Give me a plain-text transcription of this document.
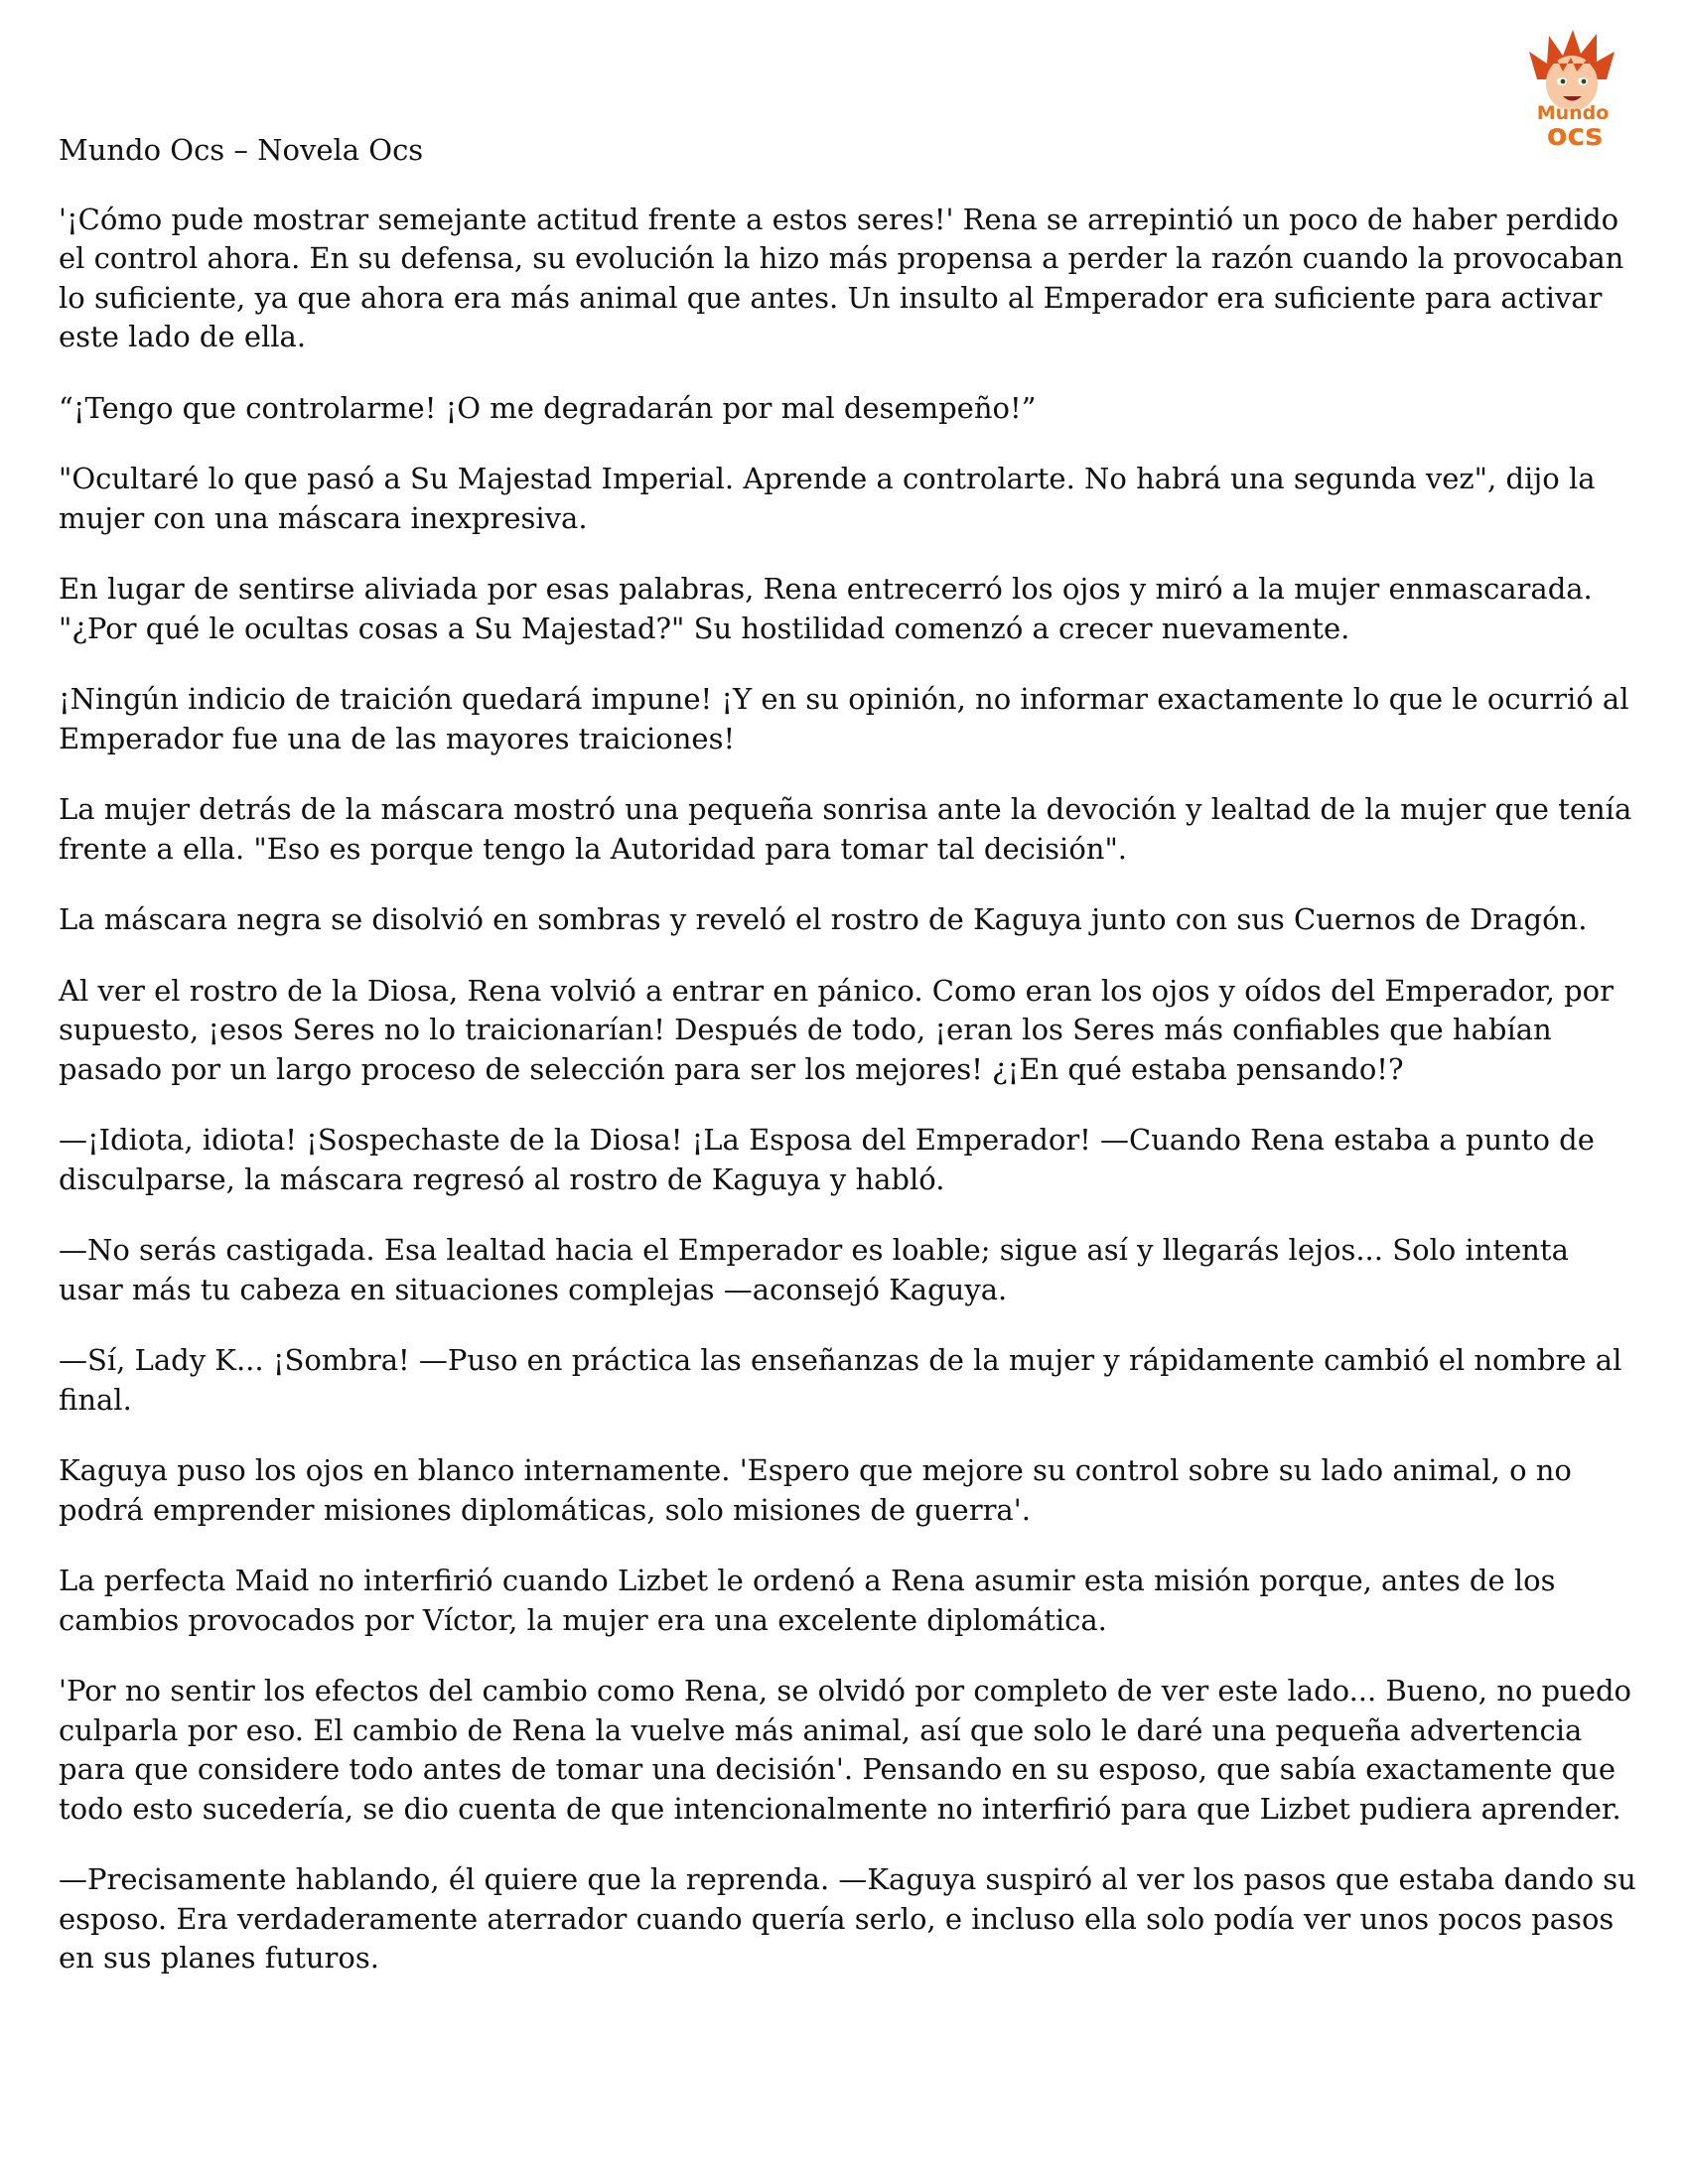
Mundo
ocs
Mundo Ocs – Novela Ocs

'¡Cómo pude mostrar semejante actitud frente a estos seres!' Rena se arrepintió un poco de haber perdido el control ahora. En su defensa, su evolución la hizo más propensa a perder la razón cuando la provocaban lo suficiente, ya que ahora era más animal que antes. Un insulto al Emperador era suficiente para activar este lado de ella.

“¡Tengo que controlarme! ¡O me degradarán por mal desempeño!”

"Ocultaré lo que pasó a Su Majestad Imperial. Aprende a controlarte. No habrá una segunda vez", dijo la mujer con una máscara inexpresiva.

En lugar de sentirse aliviada por esas palabras, Rena entrecerró los ojos y miró a la mujer enmascarada. "¿Por qué le ocultas cosas a Su Majestad?" Su hostilidad comenzó a crecer nuevamente.

¡Ningún indicio de traición quedará impune! ¡Y en su opinión, no informar exactamente lo que le ocurrió al Emperador fue una de las mayores traiciones!

La mujer detrás de la máscara mostró una pequeña sonrisa ante la devoción y lealtad de la mujer que tenía frente a ella. "Eso es porque tengo la Autoridad para tomar tal decisión".

La máscara negra se disolvió en sombras y reveló el rostro de Kaguya junto con sus Cuernos de Dragón.

Al ver el rostro de la Diosa, Rena volvió a entrar en pánico. Como eran los ojos y oídos del Emperador, por supuesto, ¡esos Seres no lo traicionarían! Después de todo, ¡eran los Seres más confiables que habían pasado por un largo proceso de selección para ser los mejores! ¿¡En qué estaba pensando!?

—¡Idiota, idiota! ¡Sospechaste de la Diosa! ¡La Esposa del Emperador! —Cuando Rena estaba a punto de disculparse, la máscara regresó al rostro de Kaguya y habló.

—No serás castigada. Esa lealtad hacia el Emperador es loable; sigue así y llegarás lejos... Solo intenta usar más tu cabeza en situaciones complejas —aconsejó Kaguya.

—Sí, Lady K... ¡Sombra! —Puso en práctica las enseñanzas de la mujer y rápidamente cambió el nombre al final.

Kaguya puso los ojos en blanco internamente. 'Espero que mejore su control sobre su lado animal, o no podrá emprender misiones diplomáticas, solo misiones de guerra'.

La perfecta Maid no interfirió cuando Lizbet le ordenó a Rena asumir esta misión porque, antes de los cambios provocados por Víctor, la mujer era una excelente diplomática.

'Por no sentir los efectos del cambio como Rena, se olvidó por completo de ver este lado... Bueno, no puedo culparla por eso. El cambio de Rena la vuelve más animal, así que solo le daré una pequeña advertencia para que considere todo antes de tomar una decisión'. Pensando en su esposo, que sabía exactamente que todo esto sucedería, se dio cuenta de que intencionalmente no interfirió para que Lizbet pudiera aprender.

—Precisamente hablando, él quiere que la reprenda. —Kaguya suspiró al ver los pasos que estaba dando su esposo. Era verdaderamente aterrador cuando quería serlo, e incluso ella solo podía ver unos pocos pasos en sus planes futuros.
